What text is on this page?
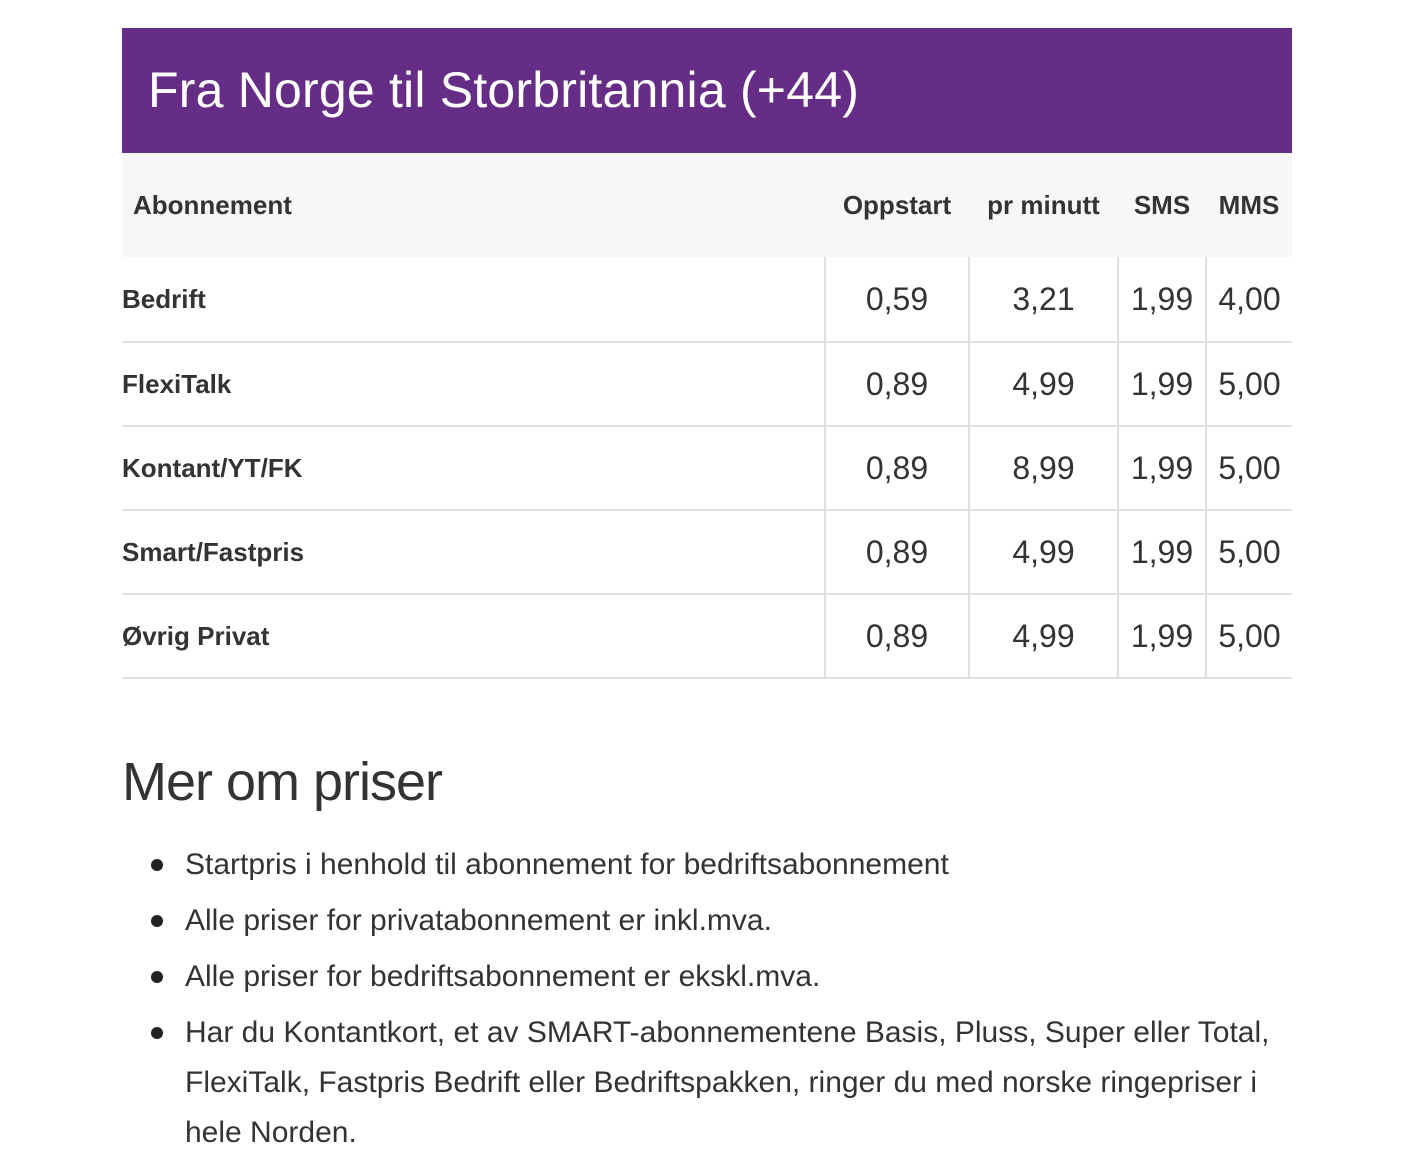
Fra Norge til Storbritannia (+44)
Abonnement	Oppstart	pr minutt	SMS	MMS
Bedrift	0,59	3,21	1,99	4,00
FlexiTalk	0,89	4,99	1,99	5,00
Kontant/YT/FK	0,89	8,99	1,99	5,00
Smart/Fastpris	0,89	4,99	1,99	5,00
Øvrig Privat	0,89	4,99	1,99	5,00
Mer om priser
Startpris i henhold til abonnement for bedriftsabonnement
Alle priser for privatabonnement er inkl.mva.
Alle priser for bedriftsabonnement er ekskl.mva.
Har du Kontantkort, et av SMART-abonnementene Basis, Pluss, Super eller Total, FlexiTalk, Fastpris Bedrift eller Bedriftspakken, ringer du med norske ringepriser i hele Norden.
